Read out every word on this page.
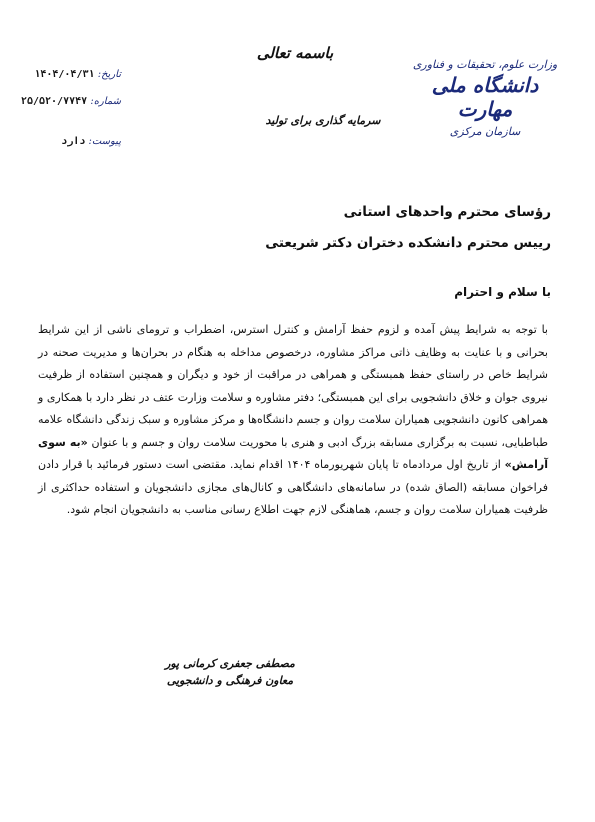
باسمه تعالی
سرمایه گذاری برای تولید
وزارت علوم، تحقیقات و فناوری
دانشگاه ملی مهارت
سازمان مرکزی
تاریخ: ۱۴۰۴/۰۴/۳۱
شماره: ۲۵/۵۲۰/۷۷۴۷
پیوست: دارد
رؤسای محترم واحدهای استانی
رییس محترم دانشکده دختران دکتر شریعتی
با سلام و احترام
با توجه به شرایط پیش آمده و لزوم حفظ آرامش و کنترل استرس، اضطراب و ترومای ناشی از این شرایط بحرانی و با عنایت به وظایف ذاتی مراکز مشاوره، درخصوص مداخله به هنگام در بحران‌ها و مدیریت صحنه در شرایط خاص در راستای حفظ همبستگی و همراهی در مراقبت از خود و دیگران و همچنین استفاده از ظرفیت نیروی جوان و خلاق دانشجویی برای این همبستگی؛ دفتر مشاوره و سلامت وزارت عتف در نظر دارد با همکاری و همراهی کانون دانشجویی همیاران سلامت روان و جسم دانشگاه‌ها و مرکز مشاوره و سبک زندگی دانشگاه علامه طباطبایی، نسبت به برگزاری مسابقه بزرگ ادبی و هنری با محوریت سلامت روان و جسم و با عنوان «به سوی آرامش» از تاریخ اول مردادماه تا پایان شهریورماه ۱۴۰۴ اقدام نماید. مقتضی است دستور فرمائید با قرار دادن فراخوان مسابقه (الصاق شده) در سامانه‌های دانشگاهی و کانال‌های مجازی دانشجویان و استفاده حداکثری از ظرفیت همیاران سلامت روان و جسم، هماهنگی لازم جهت اطلاع رسانی مناسب به دانشجویان انجام شود.
مصطفی جعفری کرمانی پور
معاون فرهنگی و دانشجویی
